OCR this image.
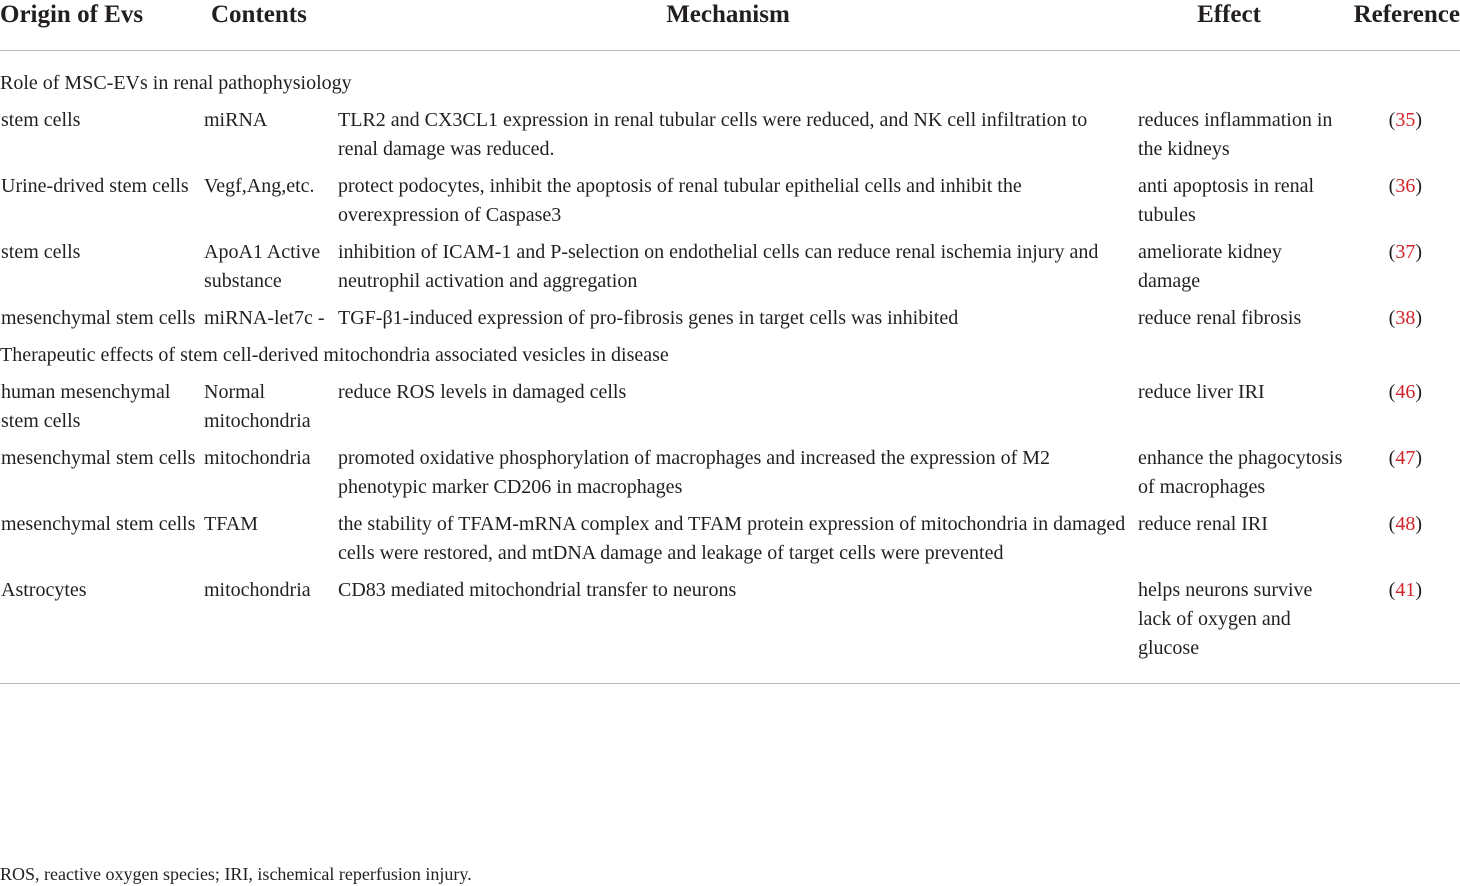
Origin of Evs	Contents	Mechanism	Effect	Reference
Role of MSC-EVs in renal pathophysiology				
stem cells	miRNA	TLR2 and CX3CL1 expression in renal tubular cells were reduced, and NK cell infiltration to renal damage was reduced.	reduces inflammation in the kidneys	(35)
Urine-drived stem cells	Vegf,Ang,etc.	protect podocytes, inhibit the apoptosis of renal tubular epithelial cells and inhibit the overexpression of Caspase3	anti apoptosis in renal tubules	(36)
stem cells	ApoA1 Active substance	inhibition of ICAM-1 and P-selection on endothelial cells can reduce renal ischemia injury and neutrophil activation and aggregation	ameliorate kidney damage	(37)
mesenchymal stem cells	miRNA-let7c -	TGF-β1-induced expression of pro-fibrosis genes in target cells was inhibited	reduce renal fibrosis	(38)
Therapeutic effects of stem cell-derived mitochondria associated vesicles in disease				
human mesenchymal stem cells	Normal mitochondria	reduce ROS levels in damaged cells	reduce liver IRI	(46)
mesenchymal stem cells	mitochondria	promoted oxidative phosphorylation of macrophages and increased the expression of M2 phenotypic marker CD206 in macrophages	enhance the phagocytosis of macrophages	(47)
mesenchymal stem cells	TFAM	the stability of TFAM-mRNA complex and TFAM protein expression of mitochondria in damaged cells were restored, and mtDNA damage and leakage of target cells were prevented	reduce renal IRI	(48)
Astrocytes	mitochondria	CD83 mediated mitochondrial transfer to neurons	helps neurons survive lack of oxygen and glucose	(41)
ROS, reactive oxygen species; IRI, ischemical reperfusion injury.
